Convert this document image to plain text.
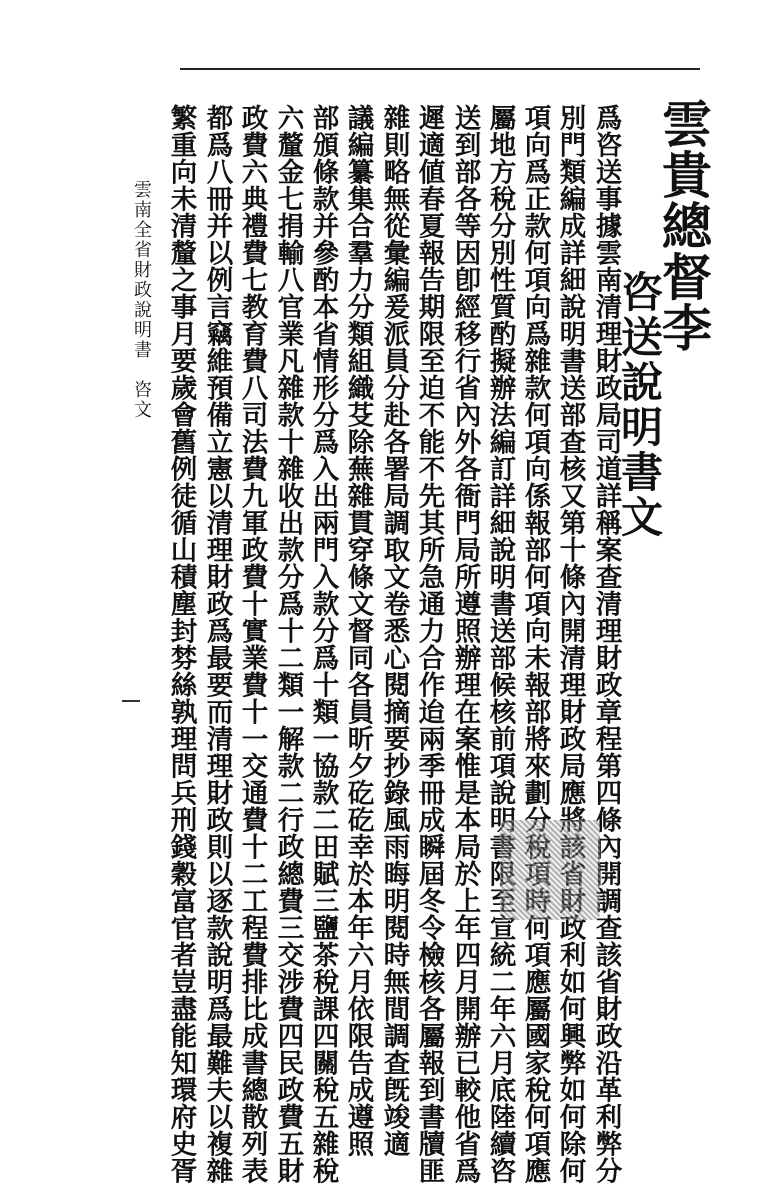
雲貴總督李
咨送說明書文
爲咨送事據雲南清理財政局司道詳稱案查清理財政章程第四條內開調查該省財政沿革利弊分
別門類編成詳細說明書送部查核又第十條內開清理財政局應將該省財政利如何興弊如何除何
項向爲正款何項向爲雜款何項向係報部何項向未報部將來劃分稅項時何項應屬國家稅何項應
屬地方稅分別性質酌擬辦法編訂詳細說明書送部候核前項說明書限至宣統二年六月底陸續咨
送到部各等因卽經移行省內外各衙門局所遵照辦理在案惟是本局於上年四月開辦已較他省爲
遲適値春夏報告期限至迫不能不先其所急通力合作迨兩季冊成瞬屆冬令檢核各屬報到書牘匪
雜則略無從彙編爰派員分赴各署局調取文卷悉心閱摘要抄錄風雨晦明閱時無間調查旣竣適
議編纂集合羣力分類組織芟除蕪雜貫穿條文督同各員昕夕矻矻幸於本年六月依限告成遵照
部頒條款并參酌本省情形分爲入出兩門入款分爲十類一協款二田賦三鹽茶稅課四關稅五雜稅
六釐金七捐輸八官業凡雜款十雜收出款分爲十二類一解款二行政總費三交涉費四民政費五財
政費六典禮費七教育費八司法費九軍政費十實業費十一交通費十二工程費排比成書總散列表
都爲八冊并以例言竊維預備立憲以清理財政爲最要而清理財政則以逐款說明爲最難夫以複雜
繁重向未清釐之事月要歲會舊例徒循山積塵封棼絲孰理問兵刑錢穀富官者豈盡能知環府史胥
雲南全省財政說明書　咨文
